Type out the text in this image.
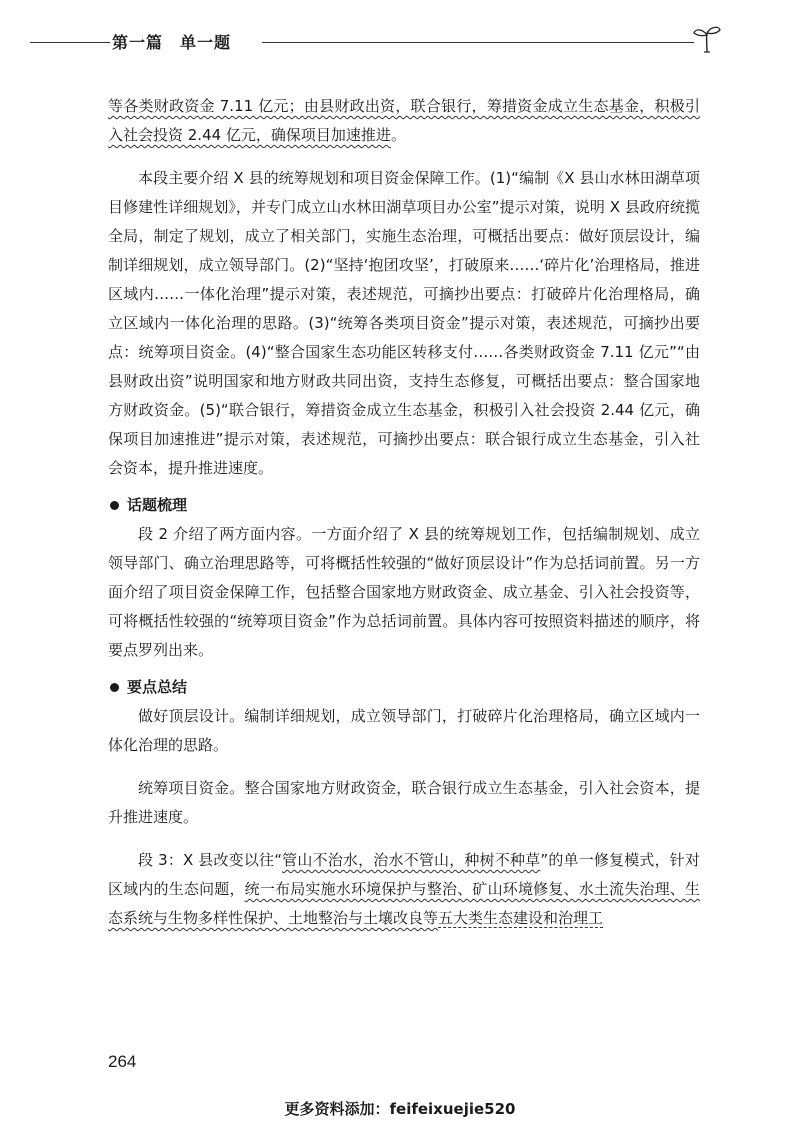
第一篇　单一题

等各类财政资金 7.11 亿元；由县财政出资，联合银行，筹措资金成立生态基金，积极引入社会投资 2.44 亿元，确保项目加速推进。

本段主要介绍 X 县的统筹规划和项目资金保障工作。(1)“编制《X 县山水林田湖草项目修建性详细规划》，并专门成立山水林田湖草项目办公室”提示对策，说明 X 县政府统揽全局，制定了规划，成立了相关部门，实施生态治理，可概括出要点：做好顶层设计，编制详细规划，成立领导部门。(2)“坚持‘抱团攻坚’，打破原来……‘碎片化’治理格局，推进区域内……一体化治理”提示对策，表述规范，可摘抄出要点：打破碎片化治理格局，确立区域内一体化治理的思路。(3)“统筹各类项目资金”提示对策，表述规范，可摘抄出要点：统筹项目资金。(4)“整合国家生态功能区转移支付……各类财政资金 7.11 亿元”“由县财政出资”说明国家和地方财政共同出资，支持生态修复，可概括出要点：整合国家地方财政资金。(5)“联合银行，筹措资金成立生态基金，积极引入社会投资 2.44 亿元，确保项目加速推进”提示对策，表述规范，可摘抄出要点：联合银行成立生态基金，引入社会资本，提升推进速度。

话题梳理

段 2 介绍了两方面内容。一方面介绍了 X 县的统筹规划工作，包括编制规划、成立领导部门、确立治理思路等，可将概括性较强的“做好顶层设计”作为总括词前置。另一方面介绍了项目资金保障工作，包括整合国家地方财政资金、成立基金、引入社会投资等，可将概括性较强的“统筹项目资金”作为总括词前置。具体内容可按照资料描述的顺序，将要点罗列出来。

要点总结

做好顶层设计。编制详细规划，成立领导部门，打破碎片化治理格局，确立区域内一体化治理的思路。

统筹项目资金。整合国家地方财政资金，联合银行成立生态基金，引入社会资本，提升推进速度。

段 3：X 县改变以往“管山不治水，治水不管山，种树不种草”的单一修复模式，针对区域内的生态问题，统一布局实施水环境保护与整治、矿山环境修复、水土流失治理、生态系统与生物多样性保护、土地整治与土壤改良等五大类生态建设和治理工

264
更多资料添加：feifeixuejie520
